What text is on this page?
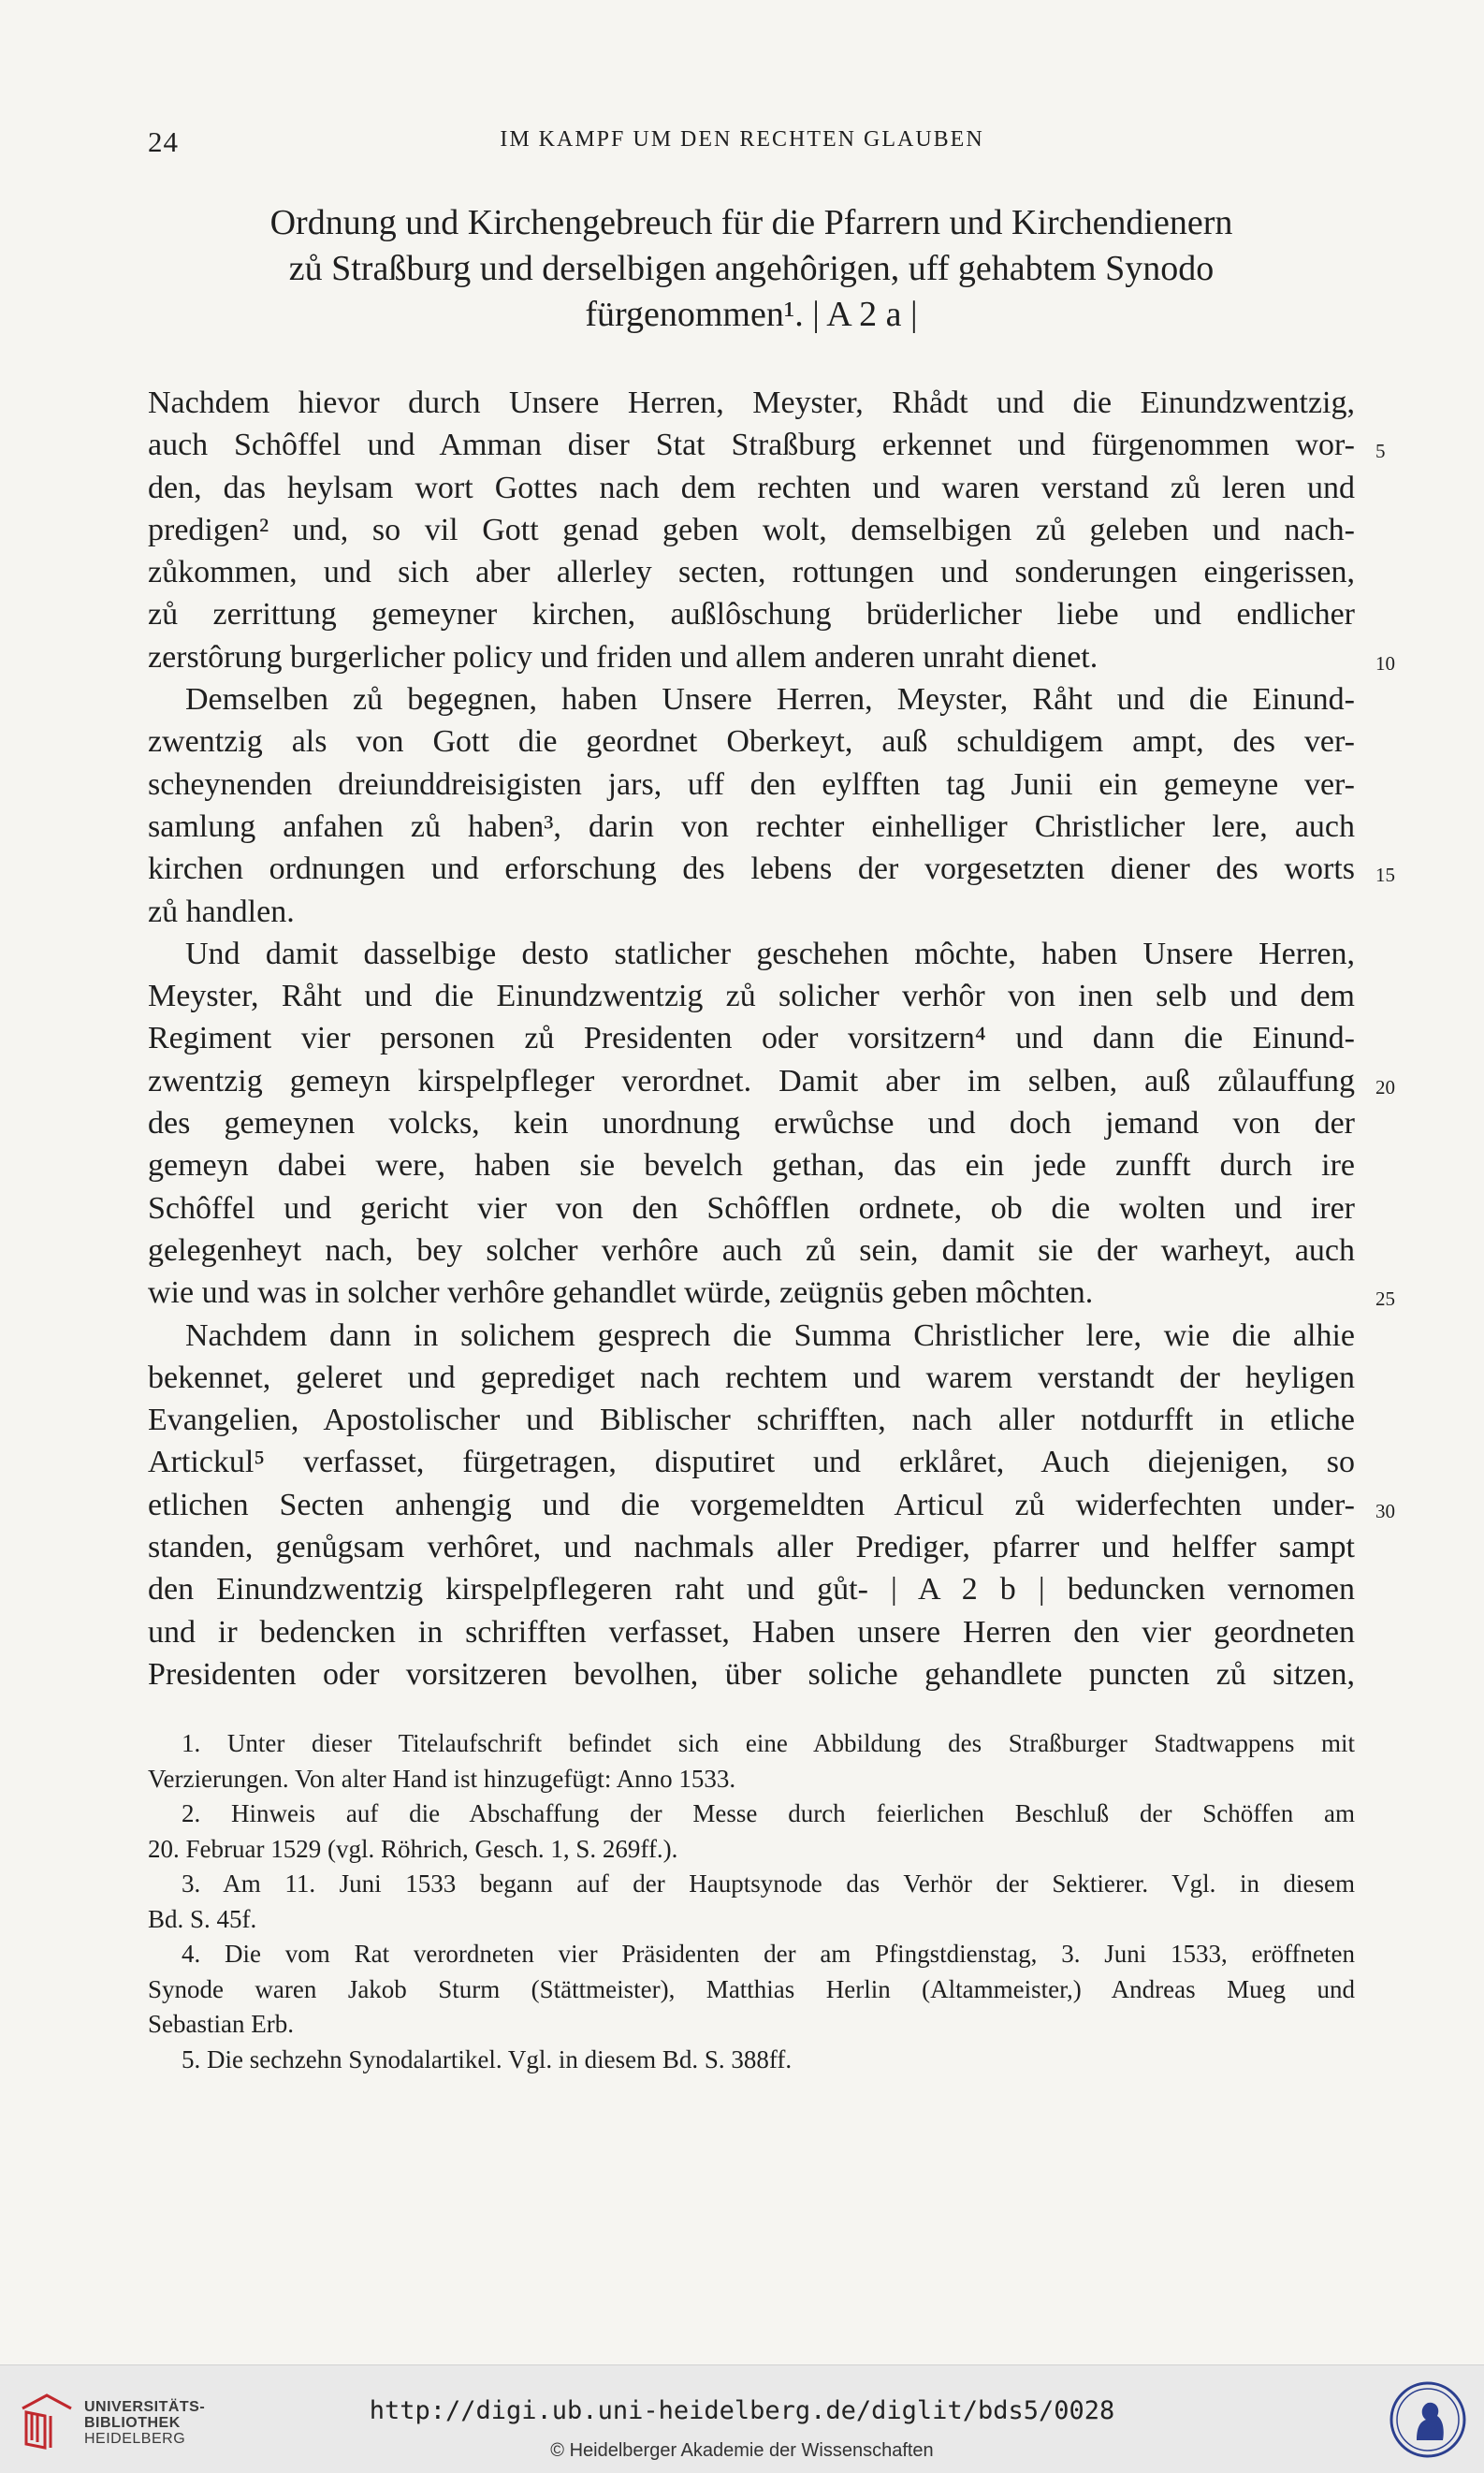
24	IM KAMPF UM DEN RECHTEN GLAUBEN
Ordnung und Kirchengebreuch für die Pfarrern und Kirchendienern
zů Straßburg und derselbigen angehôrigen, uff gehabtem Synodo
fürgenommen¹. | A 2 a |
Nachdem hievor durch Unsere Herren, Meyster, Rhådt und die Einundzwentzig,
auch Schôffel und Amman diser Stat Straßburg erkennet und fürgenommen wor-
den, das heylsam wort Gottes nach dem rechten und waren verstand zů leren und
predigen² und, so vil Gott genad geben wolt, demselbigen zů geleben und nach-
zůkommen, und sich aber allerley secten, rottungen und sonderungen eingerissen,
zů zerrittung gemeyner kirchen, außlôschung brüderlicher liebe und endlicher
zerstôrung burgerlicher policy und friden und allem anderen unraht dienet.
Demselben zů begegnen, haben Unsere Herren, Meyster, Råht und die Einund-
zwentzig als von Gott die geordnet Oberkeyt, auß schuldigem ampt, des ver-
scheynenden dreiunddreisigisten jars, uff den eylfften tag Junii ein gemeyne ver-
samlung anfahen zů haben³, darin von rechter einhelliger Christlicher lere, auch
kirchen ordnungen und erforschung des lebens der vorgesetzten diener des worts
zů handlen.
Und damit dasselbige desto statlicher geschehen môchte, haben Unsere Herren,
Meyster, Råht und die Einundzwentzig zů solicher verhôr von inen selb und dem
Regiment vier personen zů Presidenten oder vorsitzern⁴ und dann die Einund-
zwentzig gemeyn kirspelpfleger verordnet. Damit aber im selben, auß zůlauffung
des gemeynen volcks, kein unordnung erwůchse und doch jemand von der
gemeyn dabei were, haben sie bevelch gethan, das ein jede zunfft durch ire
Schôffel und gericht vier von den Schôfflen ordnete, ob die wolten und irer
gelegenheyt nach, bey solcher verhôre auch zů sein, damit sie der warheyt, auch
wie und was in solcher verhôre gehandlet würde, zeügnüs geben môchten.
Nachdem dann in solichem gesprech die Summa Christlicher lere, wie die alhie
bekennet, geleret und geprediget nach rechtem und warem verstandt der heyligen
Evangelien, Apostolischer und Biblischer schrifften, nach aller notdurfft in etliche
Artickul⁵ verfasset, fürgetragen, disputiret und erklåret, Auch diejenigen, so
etlichen Secten anhengig und die vorgemeldten Articul zů widerfechten under-
standen, genůgsam verhôret, und nachmals aller Prediger, pfarrer und helffer sampt
den Einundzwentzig kirspelpflegeren raht und gůt- | A 2 b | beduncken vernomen
und ir bedencken in schrifften verfasset, Haben unsere Herren den vier geordneten
Presidenten oder vorsitzeren bevolhen, über soliche gehandlete puncten zů sitzen,
5
10
15
20
25
30
1. Unter dieser Titelaufschrift befindet sich eine Abbildung des Straßburger Stadtwappens mit
Verzierungen. Von alter Hand ist hinzugefügt: Anno 1533.
2. Hinweis auf die Abschaffung der Messe durch feierlichen Beschluß der Schöffen am
20. Februar 1529 (vgl. Röhrich, Gesch. 1, S. 269ff.).
3. Am 11. Juni 1533 begann auf der Hauptsynode das Verhör der Sektierer. Vgl. in diesem
Bd. S. 45f.
4. Die vom Rat verordneten vier Präsidenten der am Pfingstdienstag, 3. Juni 1533, eröffneten
Synode waren Jakob Sturm (Stättmeister), Matthias Herlin (Altammeister,) Andreas Mueg und
Sebastian Erb.
5. Die sechzehn Synodalartikel. Vgl. in diesem Bd. S. 388ff.
UNIVERSITÄTS-
BIBLIOTHEK
HEIDELBERG
http://digi.ub.uni-heidelberg.de/diglit/bds5/0028
© Heidelberger Akademie der Wissenschaften
